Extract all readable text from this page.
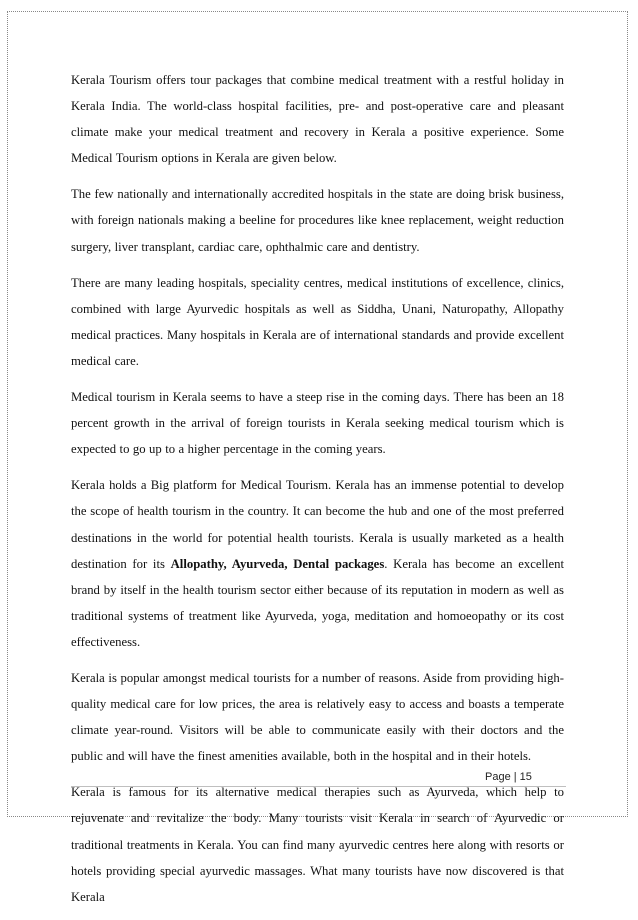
Kerala Tourism offers tour packages that combine medical treatment with a restful holiday in Kerala India. The world-class hospital facilities, pre- and post-operative care and pleasant climate make your medical treatment and recovery in Kerala a positive experience. Some Medical Tourism options in Kerala are given below.

The few nationally and internationally accredited hospitals in the state are doing brisk business, with foreign nationals making a beeline for procedures like knee replacement, weight reduction surgery, liver transplant, cardiac care, ophthalmic care and dentistry.

There are many leading hospitals, speciality centres, medical institutions of excellence, clinics, combined with large Ayurvedic hospitals as well as Siddha, Unani, Naturopathy, Allopathy medical practices. Many hospitals in Kerala are of international standards and provide excellent medical care.

Medical tourism in Kerala seems to have a steep rise in the coming days. There has been an 18 percent growth in the arrival of foreign tourists in Kerala seeking medical tourism which is expected to go up to a higher percentage in the coming years.

Kerala holds a Big platform for Medical Tourism. Kerala has an immense potential to develop the scope of health tourism in the country. It can become the hub and one of the most preferred destinations in the world for potential health tourists. Kerala is usually marketed as a health destination for its Allopathy, Ayurveda, Dental packages. Kerala has become an excellent brand by itself in the health tourism sector either because of its reputation in modern as well as traditional systems of treatment like Ayurveda, yoga, meditation and homoeopathy or its cost effectiveness.

Kerala is popular amongst medical tourists for a number of reasons. Aside from providing high-quality medical care for low prices, the area is relatively easy to access and boasts a temperate climate year-round. Visitors will be able to communicate easily with their doctors and the public and will have the finest amenities available, both in the hospital and in their hotels.

Kerala is famous for its alternative medical therapies such as Ayurveda, which help to rejuvenate and revitalize the body. Many tourists visit Kerala in search of Ayurvedic or traditional treatments in Kerala. You can find many ayurvedic centres here along with resorts or hotels providing special ayurvedic massages. What many tourists have now discovered is that Kerala

Page | 15
